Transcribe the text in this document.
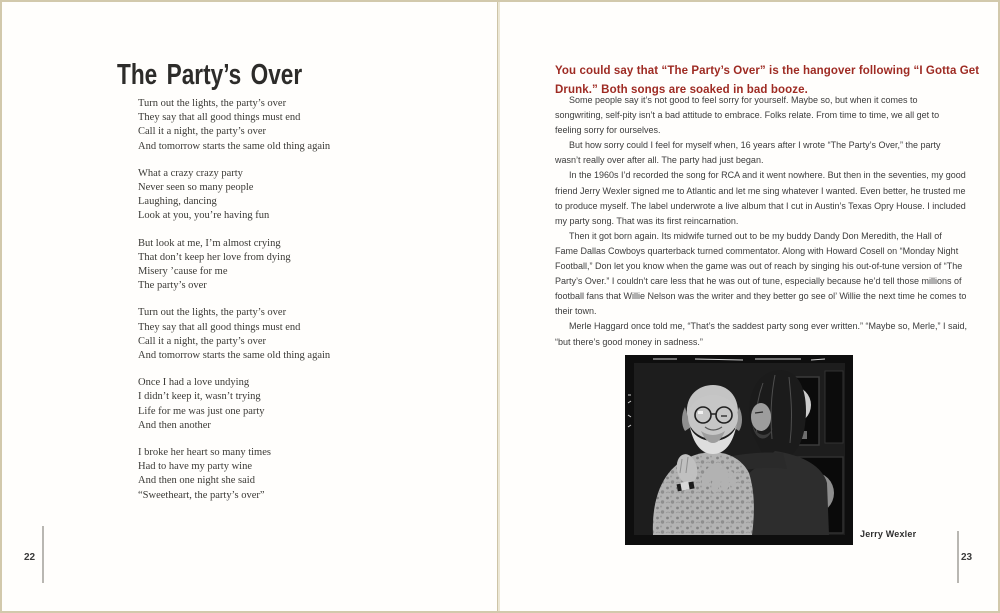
The Party’s Over
Turn out the lights, the party’s over
They say that all good things must end
Call it a night, the party’s over
And tomorrow starts the same old thing again
What a crazy crazy party
Never seen so many people
Laughing, dancing
Look at you, you’re having fun
But look at me, I’m almost crying
That don’t keep her love from dying
Misery ’cause for me
The party’s over
Turn out the lights, the party’s over
They say that all good things must end
Call it a night, the party’s over
And tomorrow starts the same old thing again
Once I had a love undying
I didn’t keep it, wasn’t trying
Life for me was just one party
And then another
I broke her heart so many times
Had to have my party wine
And then one night she said
“Sweetheart, the party’s over”
22
You could say that “The Party’s Over” is the hangover following “I Gotta Get Drunk.” Both songs are soaked in bad booze.

Some people say it’s not good to feel sorry for yourself. Maybe so, but when it comes to songwriting, self-pity isn’t a bad attitude to embrace. Folks relate. From time to time, we all get to feeling sorry for ourselves.

But how sorry could I feel for myself when, 16 years after I wrote “The Party’s Over,” the party wasn’t really over after all. The party had just began.

In the 1960s I’d recorded the song for RCA and it went nowhere. But then in the seventies, my good friend Jerry Wexler signed me to Atlantic and let me sing whatever I wanted. Even better, he trusted me to produce myself. The label underwrote a live album that I cut in Austin’s Texas Opry House. I included my party song. That was its first reincarnation.

Then it got born again. Its midwife turned out to be my buddy Dandy Don Meredith, the Hall of Fame Dallas Cowboys quarterback turned commentator. Along with Howard Cosell on “Monday Night Football,” Don let you know when the game was out of reach by singing his out-of-tune version of “The Party’s Over.” I couldn’t care less that he was out of tune, especially because he’d tell those millions of football fans that Willie Nelson was the writer and they better go see ol’ Willie the next time he comes to their town.

Merle Haggard once told me, “That’s the saddest party song ever written.” “Maybe so, Merle,” I said, “but there’s good money in sadness.”

Jerry Wexler
23
